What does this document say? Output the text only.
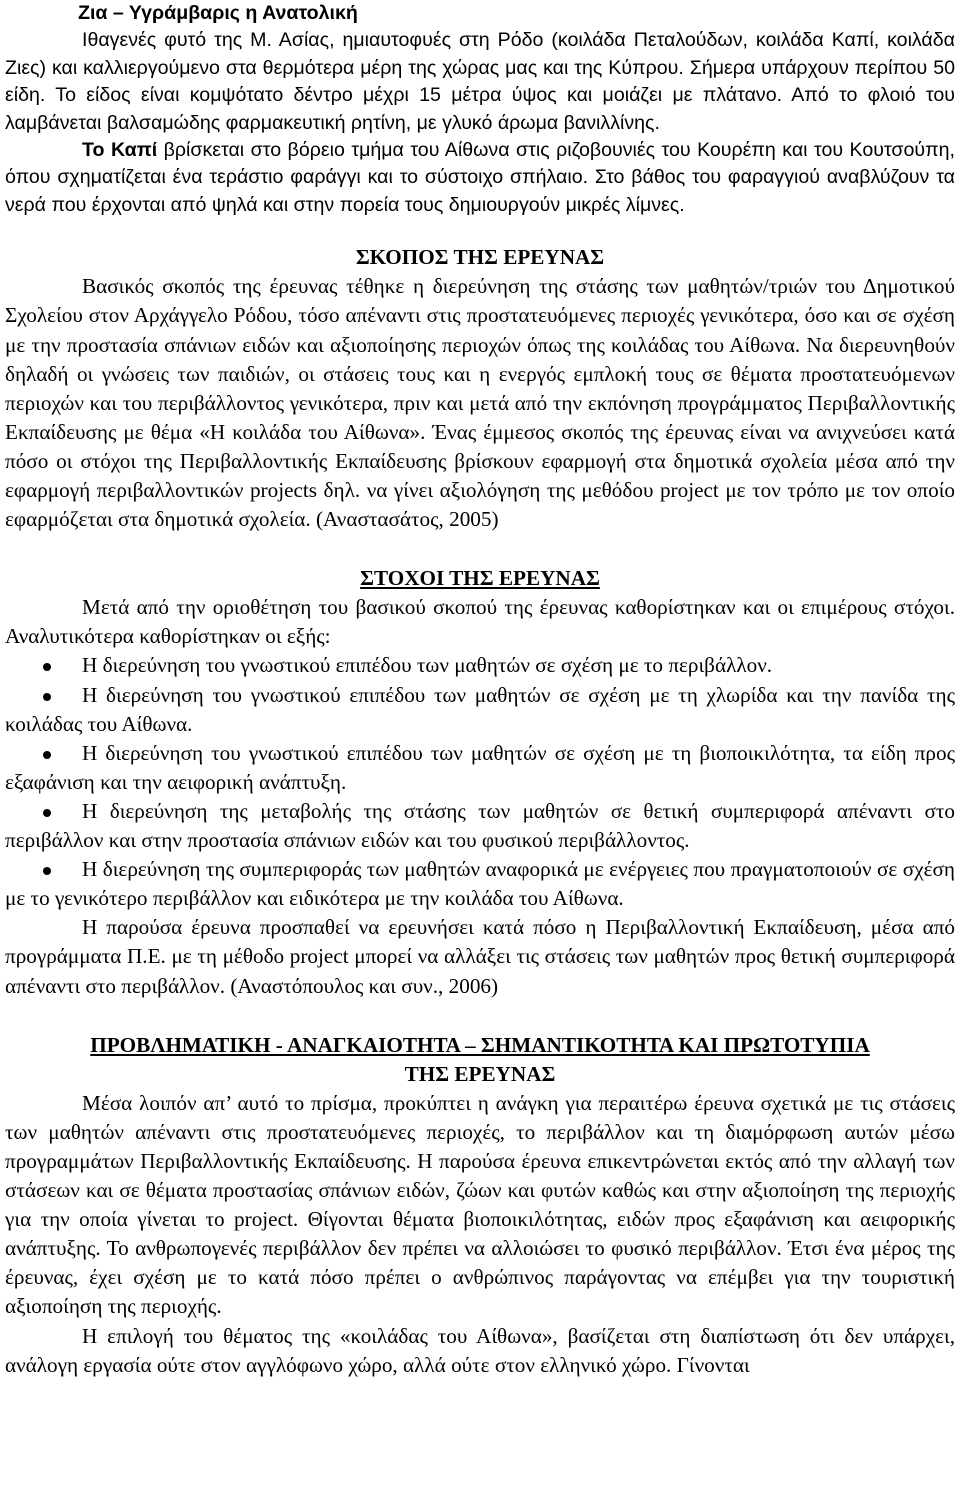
Ζια – Υγράμβαρις η Ανατολική

Ιθαγενές φυτό της Μ. Ασίας, ημιαυτοφυές στη Ρόδο (κοιλάδα Πεταλούδων, κοιλάδα Καπί, κοιλάδα Ζιες) και καλλιεργούμενο στα θερμότερα μέρη της χώρας μας και της Κύπρου. Σήμερα υπάρχουν περίπου 50 είδη. Το είδος είναι κομψότατο δέντρο μέχρι 15 μέτρα ύψος και μοιάζει με πλάτανο. Από το φλοιό του λαμβάνεται βαλσαμώδης φαρμακευτική ρητίνη, με γλυκό άρωμα βανιλλίνης.

Το Καπί βρίσκεται στο βόρειο τμήμα του Αίθωνα στις ριζοβουνιές του Κουρέπη και του Κουτσούπη, όπου σχηματίζεται ένα τεράστιο φαράγγι και το σύστοιχο σπήλαιο. Στο βάθος του φαραγγιού αναβλύζουν τα νερά που έρχονται από ψηλά και στην πορεία τους δημιουργούν μικρές λίμνες.

ΣΚΟΠΟΣ ΤΗΣ ΕΡΕΥΝΑΣ

Βασικός σκοπός της έρευνας τέθηκε η διερεύνηση της στάσης των μαθητών/τριών του Δημοτικού Σχολείου στον Αρχάγγελο Ρόδου, τόσο απέναντι στις προστατευόμενες περιοχές γενικότερα, όσο και σε σχέση με την προστασία σπάνιων ειδών και αξιοποίησης περιοχών όπως της κοιλάδας του Αίθωνα. Να διερευνηθούν δηλαδή οι γνώσεις των παιδιών, οι στάσεις τους και η ενεργός εμπλοκή τους σε θέματα προστατευόμενων περιοχών και του περιβάλλοντος γενικότερα, πριν και μετά από την εκπόνηση προγράμματος Περιβαλλοντικής Εκπαίδευσης με θέμα «Η κοιλάδα του Αίθωνα». Ένας έμμεσος σκοπός της έρευνας είναι να ανιχνεύσει κατά πόσο οι στόχοι της Περιβαλλοντικής Εκπαίδευσης βρίσκουν εφαρμογή στα δημοτικά σχολεία μέσα από την εφαρμογή περιβαλλοντικών projects δηλ. να γίνει αξιολόγηση της μεθόδου project με τον τρόπο με τον οποίο εφαρμόζεται στα δημοτικά σχολεία. (Αναστασάτος, 2005)

ΣΤΟΧΟΙ ΤΗΣ ΕΡΕΥΝΑΣ

Μετά από την οριοθέτηση του βασικού σκοπού της έρευνας καθορίστηκαν και οι επιμέρους στόχοι. Αναλυτικότερα καθορίστηκαν οι εξής:

Η διερεύνηση του γνωστικού επιπέδου των μαθητών σε σχέση με το περιβάλλον.

Η διερεύνηση του γνωστικού επιπέδου των μαθητών σε σχέση με τη χλωρίδα και την πανίδα της κοιλάδας του Αίθωνα.

Η διερεύνηση του γνωστικού επιπέδου των μαθητών σε σχέση με τη βιοποικιλότητα, τα είδη προς εξαφάνιση και την αειφορική ανάπτυξη.

Η διερεύνηση της μεταβολής της στάσης των μαθητών σε θετική συμπεριφορά απέναντι στο περιβάλλον και στην προστασία σπάνιων ειδών και του φυσικού περιβάλλοντος.

Η διερεύνηση της συμπεριφοράς των μαθητών αναφορικά με ενέργειες που πραγματοποιούν σε σχέση με το γενικότερο περιβάλλον και ειδικότερα με την κοιλάδα του Αίθωνα.

Η παρούσα έρευνα προσπαθεί να ερευνήσει κατά πόσο η Περιβαλλοντική Εκπαίδευση, μέσα από προγράμματα Π.Ε. με τη μέθοδο project μπορεί να αλλάξει τις στάσεις των μαθητών προς θετική συμπεριφορά απέναντι στο περιβάλλον. (Αναστόπουλος και συν., 2006)

ΠΡΟΒΛΗΜΑΤΙΚΗ - ΑΝΑΓΚΑΙΟΤΗΤΑ – ΣΗΜΑΝΤΙΚΟΤΗΤΑ ΚΑΙ ΠΡΩΤΟΤΥΠΙΑ

ΤΗΣ ΕΡΕΥΝΑΣ

Μέσα λοιπόν απ’ αυτό το πρίσμα, προκύπτει η ανάγκη για περαιτέρω έρευνα σχετικά με τις στάσεις των μαθητών απέναντι στις προστατευόμενες περιοχές, το περιβάλλον και τη διαμόρφωση αυτών μέσω προγραμμάτων Περιβαλλοντικής Εκπαίδευσης. Η παρούσα έρευνα επικεντρώνεται εκτός από την αλλαγή των στάσεων και σε θέματα προστασίας σπάνιων ειδών, ζώων και φυτών καθώς και στην αξιοποίηση της περιοχής για την οποία γίνεται το project. Θίγονται θέματα βιοποικιλότητας, ειδών προς εξαφάνιση και αειφορικής ανάπτυξης. Το ανθρωπογενές περιβάλλον δεν πρέπει να αλλοιώσει το φυσικό περιβάλλον. Έτσι ένα μέρος της έρευνας, έχει σχέση με το κατά πόσο πρέπει ο ανθρώπινος παράγοντας να επέμβει για την τουριστική αξιοποίηση της περιοχής.

Η επιλογή του θέματος της «κοιλάδας του Αίθωνα», βασίζεται στη διαπίστωση ότι δεν υπάρχει, ανάλογη εργασία ούτε στον αγγλόφωνο χώρο, αλλά ούτε στον ελληνικό χώρο. Γίνονται
